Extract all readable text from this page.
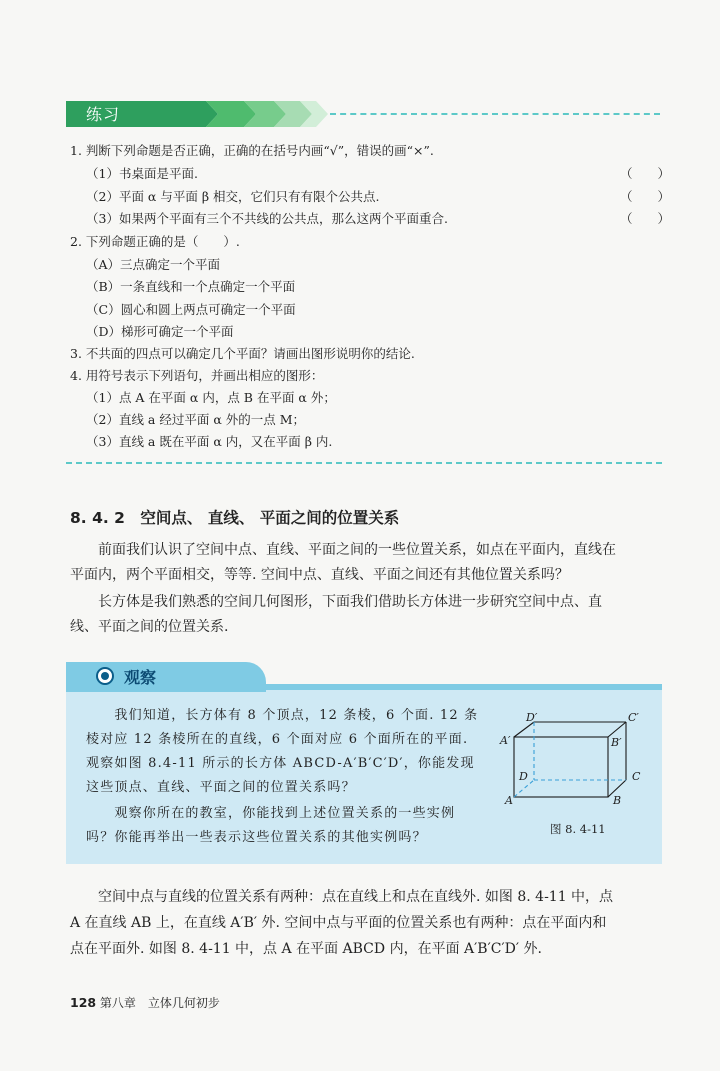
练习
1. 判断下列命题是否正确，正确的在括号内画“√”，错误的画“×”.
（1）书桌面是平面.	（　　）
（2）平面 α 与平面 β 相交，它们只有有限个公共点.	（　　）
（3）如果两个平面有三个不共线的公共点，那么这两个平面重合.	（　　）
2. 下列命题正确的是（　　）.
（A）三点确定一个平面
（B）一条直线和一个点确定一个平面
（C）圆心和圆上两点可确定一个平面
（D）梯形可确定一个平面
3. 不共面的四点可以确定几个平面？请画出图形说明你的结论.
4. 用符号表示下列语句，并画出相应的图形：
（1）点 A 在平面 α 内，点 B 在平面 α 外；
（2）直线 a 经过平面 α 外的一点 M；
（3）直线 a 既在平面 α 内，又在平面 β 内.
8. 4. 2　空间点、 直线、 平面之间的位置关系
　　前面我们认识了空间中点、直线、平面之间的一些位置关系，如点在平面内，直线在
平面内，两个平面相交，等等. 空间中点、直线、平面之间还有其他位置关系吗？
　　长方体是我们熟悉的空间几何图形，下面我们借助长方体进一步研究空间中点、直
线、平面之间的位置关系.
观察
　　我们知道，长方体有 8 个顶点，12 条棱，6 个面. 12 条
棱对应 12 条棱所在的直线，6 个面对应 6 个面所在的平面.
观察如图 8.4-11 所示的长方体 ABCD-A′B′C′D′，你能发现
这些顶点、直线、平面之间的位置关系吗？
　　观察你所在的教室，你能找到上述位置关系的一些实例
吗？你能再举出一些表示这些位置关系的其他实例吗？
D′	C′
A′	B′
D	C
A	B
图 8. 4-11
　　空间中点与直线的位置关系有两种：点在直线上和点在直线外. 如图 8. 4-11 中，点
A 在直线 AB 上，在直线 A′B′ 外. 空间中点与平面的位置关系也有两种：点在平面内和
点在平面外. 如图 8. 4-11 中，点 A 在平面 ABCD 内，在平面 A′B′C′D′ 外.
128 第八章　立体几何初步
